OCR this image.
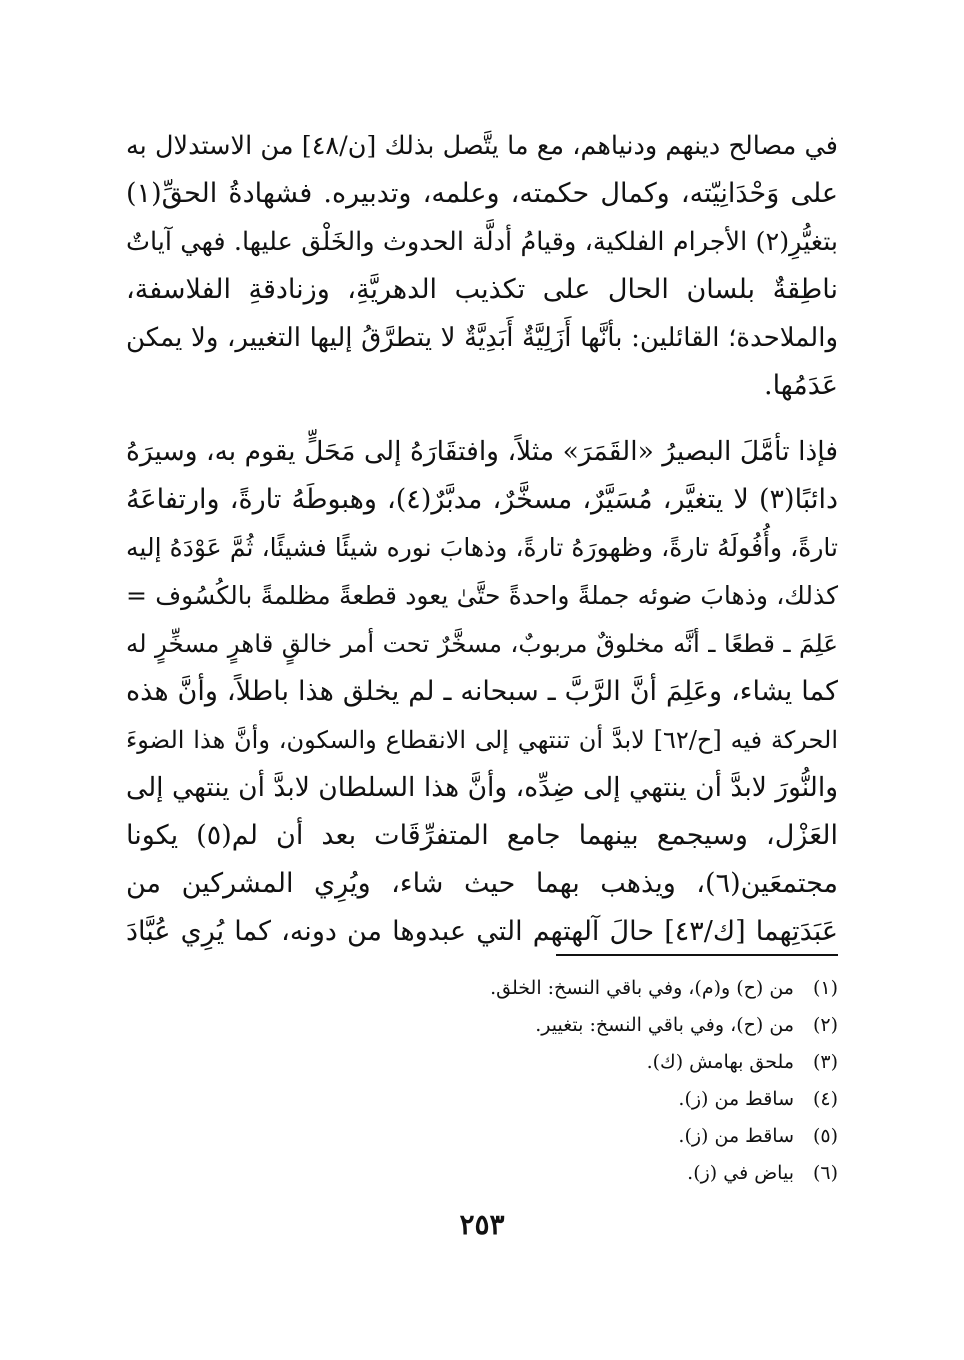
في مصالح دينهم ودنياهم، مع ما يتَّصل بذلك [ن/٤٨] من الاستدلال به
على وَحْدَانِيّته، وكمال حكمته، وعلمه، وتدبيره. فشهادةُ الحقِّ(١)
بتغيُّرِ(٢) الأجرام الفلكية، وقيامُ أدلَّة الحدوث والخَلْق عليها. فهي آياتٌ
ناطِقةٌ بلسان الحال على تكذيب الدهريَّةِ، وزنادقةِ الفلاسفة،
والملاحدة؛ القائلين: بأنَّها أَزَلِيَّةٌ أَبَدِيَّةٌ لا يتطرَّقُ إليها التغيير، ولا يمكن
عَدَمُها.
فإذا تأمَّلَ البصيرُ «القَمَرَ» مثلاً، وافتقَارَهُ إلى مَحَلٍّ يقوم به، وسيرَهُ
دائبًا(٣) لا يتغيَّر، مُسَيَّرٌ، مسخَّرٌ، مدبَّرٌ(٤)، وهبوطَهُ تارةً، وارتفاعَهُ
تارةً، وأُفُولَهُ تارةً، وظهورَهُ تارةً، وذهابَ نوره شيئًا فشيئًا، ثُمَّ عَوْدَهُ إليه
كذلك، وذهابَ ضوئه جملةً واحدةً حتَّىٰ يعود قطعةً مظلمةً بالكُسُوف =
عَلِمَ ـ قطعًا ـ أنَّه مخلوقٌ مربوبٌ، مسخَّرٌ تحت أمر خالقٍ قاهرٍ مسخِّرٍ له
كما يشاء، وعَلِمَ أنَّ الرَّبَّ ـ سبحانه ـ لم يخلق هذا باطلاً، وأنَّ هذه
الحركة فيه [ح/٦٢] لابدَّ أن تنتهي إلى الانقطاع والسكون، وأنَّ هذا الضوءَ
والنُّورَ لابدَّ أن ينتهي إلى ضِدِّه، وأنَّ هذا السلطان لابدَّ أن ينتهي إلى
العَزْل، وسيجمع بينهما جامع المتفرِّقَات بعد أن لم(٥) يكونا
مجتمعَين(٦)، ويذهب بهما حيث شاء، ويُرِي المشركين من
عَبَدَتِهما [ك/٤٣] حالَ آلهتهم التي عبدوها من دونه، كما يُرِي عُبَّادَ
(١)
من (ح) و(م)، وفي باقي النسخ: الخلق.
(٢)
من (ح)، وفي باقي النسخ: بتغيير.
(٣)
ملحق بهامش (ك).
(٤)
ساقط من (ز).
(٥)
ساقط من (ز).
(٦)
بياض في (ز).
٢٥٣
